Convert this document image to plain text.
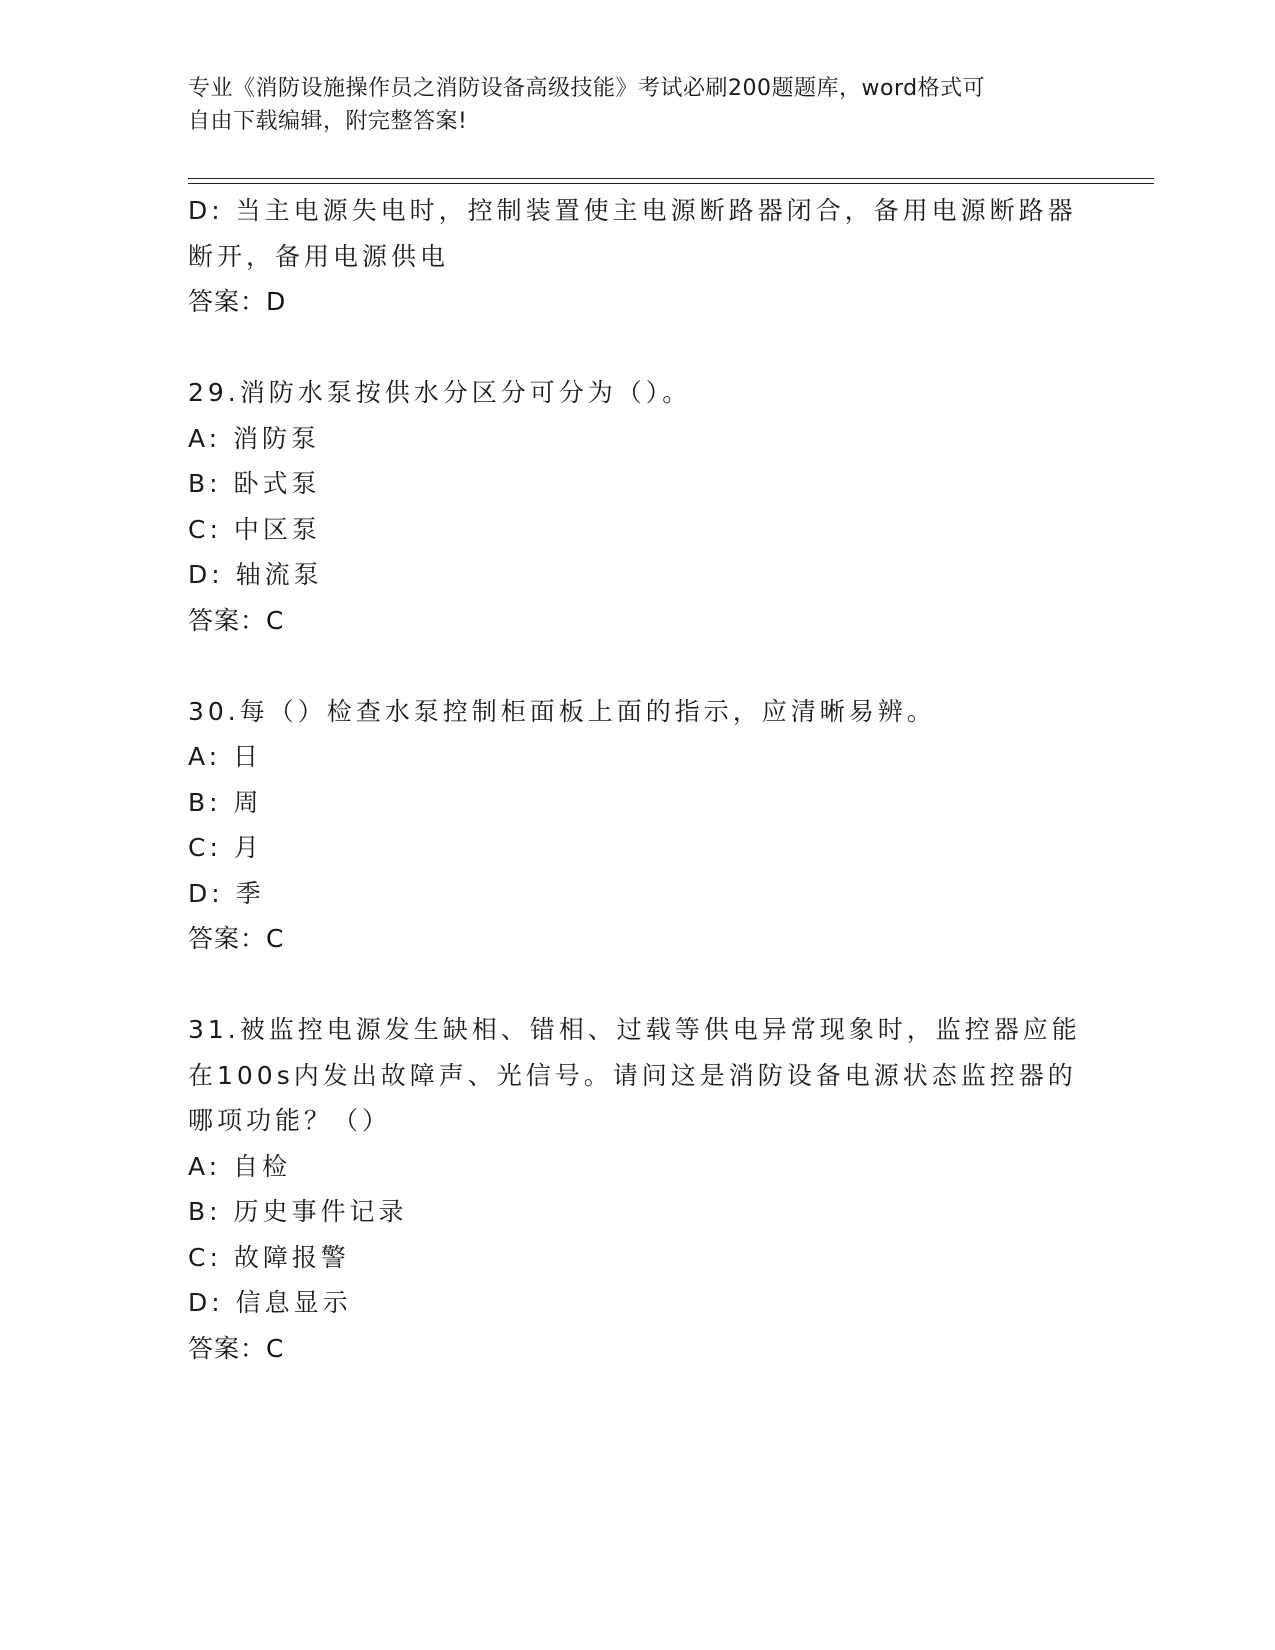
专业《消防设施操作员之消防设备高级技能》考试必刷200题题库，word格式可
自由下载编辑，附完整答案!
D: 当主电源失电时，控制装置使主电源断路器闭合，备用电源断路器
断开，备用电源供电
答案：D
29.消防水泵按供水分区分可分为（）。
A: 消防泵
B: 卧式泵
C: 中区泵
D: 轴流泵
答案：C
30.每（）检查水泵控制柜面板上面的指示，应清晰易辨。
A: 日
B: 周
C: 月
D: 季
答案：C
31.被监控电源发生缺相、错相、过载等供电异常现象时，监控器应能
在100s内发出故障声、光信号。请问这是消防设备电源状态监控器的
哪项功能？（）
A: 自检
B: 历史事件记录
C: 故障报警
D: 信息显示
答案：C
